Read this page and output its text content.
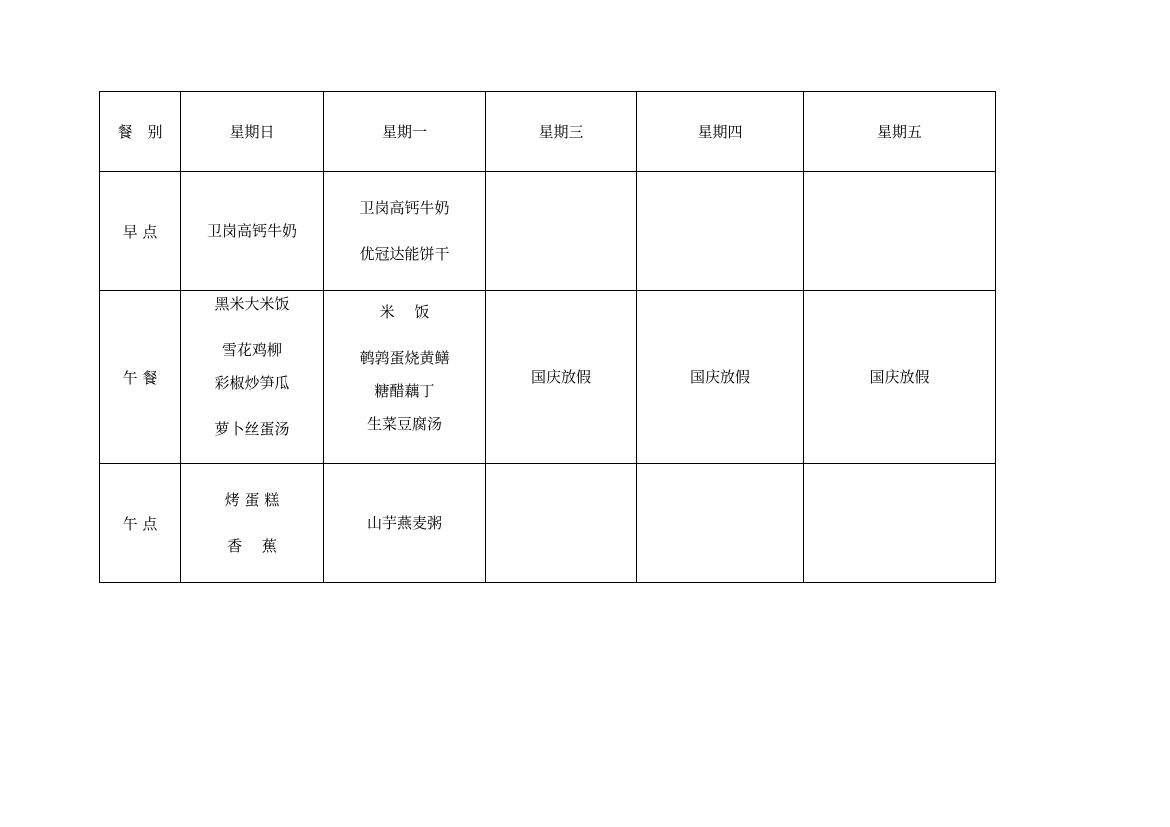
餐　别	星期日	星期一	星期三	星期四	星期五
早 点	卫岗高钙牛奶	卫岗高钙牛奶
优冠达能饼干			

午 餐	黑米大米饭
雪花鸡柳
彩椒炒笋瓜
萝卜丝蛋汤	米　 饭
鹌鹑蛋烧黄鳝
糖醋藕丁
生菜豆腐汤	国庆放假	国庆放假	国庆放假

午 点	烤 蛋 糕
香　 蕉	山芋燕麦粥			
